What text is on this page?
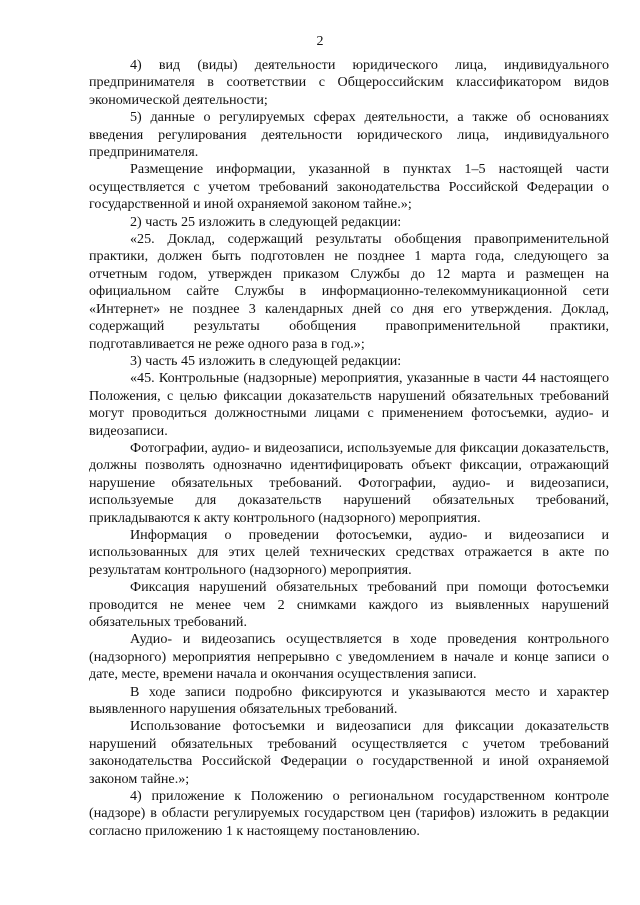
2

4) вид (виды) деятельности юридического лица, индивидуального предпринимателя в соответствии с Общероссийским классификатором видов экономической деятельности;

5) данные о регулируемых сферах деятельности, а также об основаниях введения регулирования деятельности юридического лица, индивидуального предпринимателя.

Размещение информации, указанной в пунктах 1–5 настоящей части осуществляется с учетом требований законодательства Российской Федерации о государственной и иной охраняемой законом тайне.»;

2) часть 25 изложить в следующей редакции:

«25. Доклад, содержащий результаты обобщения правоприменительной практики, должен быть подготовлен не позднее 1 марта года, следующего за отчетным годом, утвержден приказом Службы до 12 марта и размещен на официальном сайте Службы в информационно-телекоммуникационной сети «Интернет» не позднее 3 календарных дней со дня его утверждения. Доклад, содержащий результаты обобщения правоприменительной практики, подготавливается не реже одного раза в год.»;

3) часть 45 изложить в следующей редакции:

«45. Контрольные (надзорные) мероприятия, указанные в части 44 настоящего Положения, с целью фиксации доказательств нарушений обязательных требований могут проводиться должностными лицами с применением фотосъемки, аудио- и видеозаписи.

Фотографии, аудио- и видеозаписи, используемые для фиксации доказательств, должны позволять однозначно идентифицировать объект фиксации, отражающий нарушение обязательных требований. Фотографии, аудио- и видеозаписи, используемые для доказательств нарушений обязательных требований, прикладываются к акту контрольного (надзорного) мероприятия.

Информация о проведении фотосъемки, аудио- и видеозаписи и использованных для этих целей технических средствах отражается в акте по результатам контрольного (надзорного) мероприятия.

Фиксация нарушений обязательных требований при помощи фотосъемки проводится не менее чем 2 снимками каждого из выявленных нарушений обязательных требований.

Аудио- и видеозапись осуществляется в ходе проведения контрольного (надзорного) мероприятия непрерывно с уведомлением в начале и конце записи о дате, месте, времени начала и окончания осуществления записи.

В ходе записи подробно фиксируются и указываются место и характер выявленного нарушения обязательных требований.

Использование фотосъемки и видеозаписи для фиксации доказательств нарушений обязательных требований осуществляется с учетом требований законодательства Российской Федерации о государственной и иной охраняемой законом тайне.»;

4) приложение к Положению о региональном государственном контроле (надзоре) в области регулируемых государством цен (тарифов) изложить в редакции согласно приложению 1 к настоящему постановлению.
